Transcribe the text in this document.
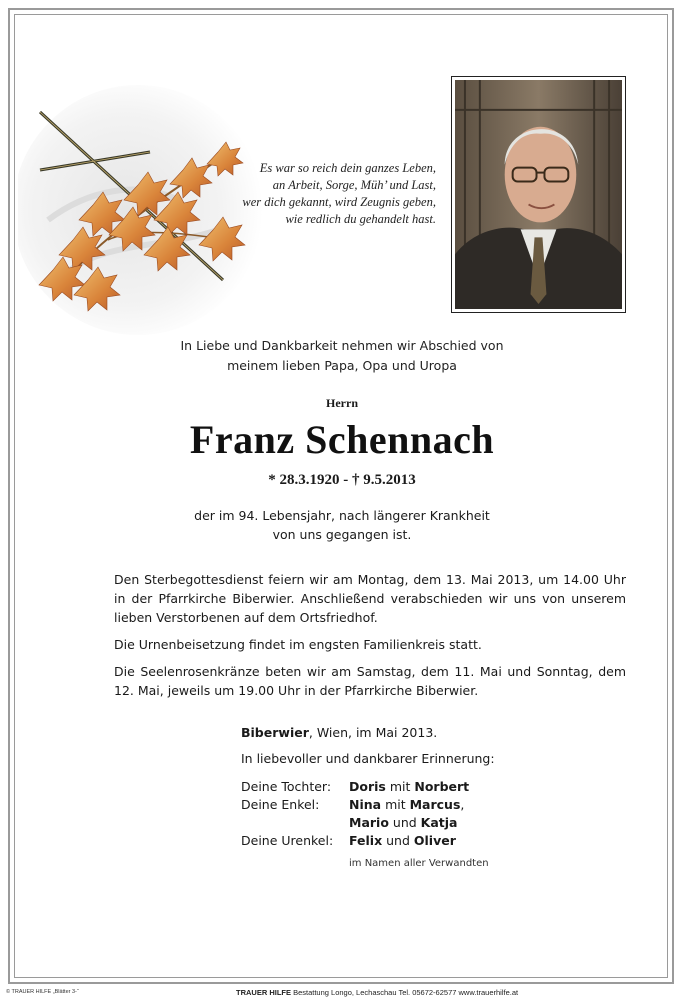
Es war so reich dein ganzes Leben,
an Arbeit, Sorge, Müh’ und Last,
wer dich gekannt, wird Zeugnis geben,
wie redlich du gehandelt hast.
In Liebe und Dankbarkeit nehmen wir Abschied von
meinem lieben Papa, Opa und Uropa
Herrn
Franz Schennach
* 28.3.1920 - † 9.5.2013
der im 94. Lebensjahr, nach längerer Krankheit
von uns gegangen ist.

Den Sterbegottesdienst feiern wir am Montag, dem 13. Mai 2013, um 14.00 Uhr in der Pfarrkirche Biberwier. Anschließend verabschieden wir uns von unserem lieben Verstorbenen auf dem Ortsfriedhof.

Die Urnenbeisetzung findet im engsten Familienkreis statt.

Die Seelenrosenkränze beten wir am Samstag, dem 11. Mai und Sonntag, dem 12. Mai, jeweils um 19.00 Uhr in der Pfarrkirche Biberwier.

Biberwier, Wien, im Mai 2013.
In liebevoller und dankbarer Erinnerung:
Deine Tochter:	Doris mit Norbert
Deine Enkel:	Nina mit Marcus,
Mario und Katja
Deine Urenkel:	Felix und Oliver
im Namen aller Verwandten
© TRAUER HILFE „Blätter 3-“	TRAUER HILFE Bestattung Longo, Lechaschau Tel. 05672-62577 www.trauerhilfe.at
